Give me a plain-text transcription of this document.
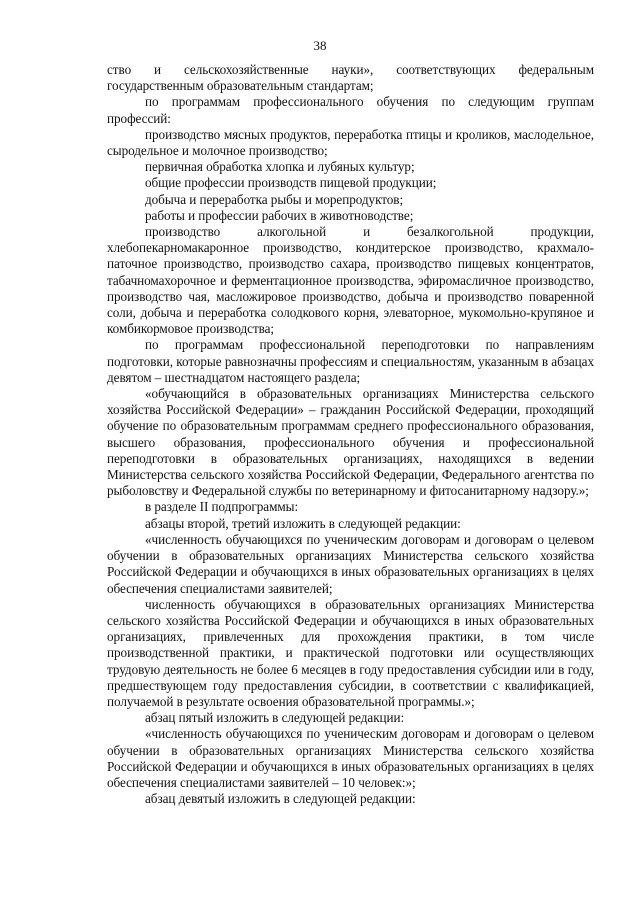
38

ство и сельскохозяйственные науки», соответствующих федеральным государственным образовательным стандартам;

по программам профессионального обучения по следующим группам профессий:

производство мясных продуктов, переработка птицы и кроликов, маслодельное, сыродельное и молочное производство;

первичная обработка хлопка и лубяных культур;

общие профессии производств пищевой продукции;

добыча и переработка рыбы и морепродуктов;

работы и профессии рабочих в животноводстве;

производство алкогольной и безалкогольной продукции, хлебопекарномакаронное производство, кондитерское производство, крахмало-паточное производство, производство сахара, производство пищевых концентратов, табачномахорочное и ферментационное производства, эфиромасличное производство, производство чая, масложировое производство, добыча и производство поваренной соли, добыча и переработка солодкового корня, элеваторное, мукомольно-крупяное и комбикормовое производства;

по программам профессиональной переподготовки по направлениям подготовки, которые равнозначны профессиям и специальностям, указанным в абзацах девятом – шестнадцатом настоящего раздела;

«обучающийся в образовательных организациях Министерства сельского хозяйства Российской Федерации» – гражданин Российской Федерации, проходящий обучение по образовательным программам среднего профессионального образования, высшего образования, профессионального обучения и профессиональной переподготовки в образовательных организациях, находящихся в ведении Министерства сельского хозяйства Российской Федерации, Федерального агентства по рыболовству и Федеральной службы по ветеринарному и фитосанитарному надзору.»;

в разделе II подпрограммы:

абзацы второй, третий изложить в следующей редакции:

«численность обучающихся по ученическим договорам и договорам о целевом обучении в образовательных организациях Министерства сельского хозяйства Российской Федерации и обучающихся в иных образовательных организациях в целях обеспечения специалистами заявителей;

численность обучающихся в образовательных организациях Министерства сельского хозяйства Российской Федерации и обучающихся в иных образовательных организациях, привлеченных для прохождения практики, в том числе производственной практики, и практической подготовки или осуществляющих трудовую деятельность не более 6 месяцев в году предоставления субсидии или в году, предшествующем году предоставления субсидии, в соответствии с квалификацией, получаемой в результате освоения образовательной программы.»;

абзац пятый изложить в следующей редакции:

«численность обучающихся по ученическим договорам и договорам о целевом обучении в образовательных организациях Министерства сельского хозяйства Российской Федерации и обучающихся в иных образовательных организациях в целях обеспечения специалистами заявителей – 10 человек:»;

абзац девятый изложить в следующей редакции:
